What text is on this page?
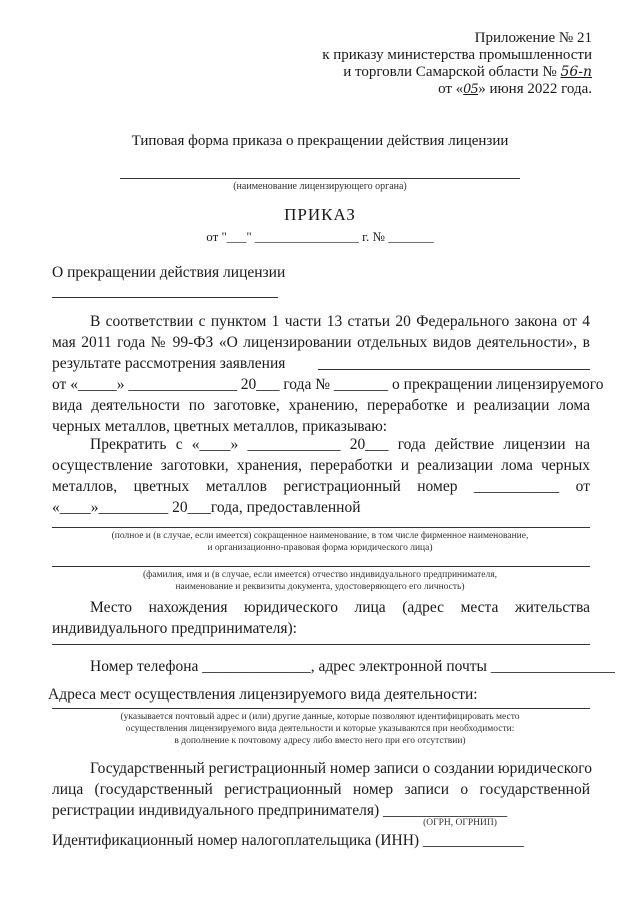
Приложение № 21
к приказу министерства промышленности
и торговли Самарской области № 56-п
от «05» июня 2022 года.
Типовая форма приказа о прекращении действия лицензии
(наименование лицензирующего органа)
ПРИКАЗ
от "___" ________________ г. № _______
О прекращении действия лицензии
В соответствии с пунктом 1 части 13 статьи 20 Федерального закона от 4
мая 2011 года № 99-ФЗ «О лицензировании отдельных видов деятельности», в
результате рассмотрения заявления
от «_____» ______________ 20___ года № _______ о прекращении лицензируемого
вида деятельности по заготовке, хранению, переработке и реализации лома
черных металлов, цветных металлов, приказываю:
Прекратить с «____» ____________ 20___ года действие лицензии на
осуществление заготовки, хранения, переработки и реализации лома черных
металлов, цветных металлов регистрационный номер ___________ от
«____»_________ 20___года, предоставленной
(полное и (в случае, если имеется) сокращенное наименование, в том числе фирменное наименование,
и организационно-правовая форма юридического лица)
(фамилия, имя и (в случае, если имеется) отчество индивидуального предпринимателя,
наименование и реквизиты документа, удостоверяющего его личность)
Место нахождения юридического лица (адрес места жительства
индивидуального предпринимателя):
Номер телефона ______________, адрес электронной почты ________________
Адреса мест осуществления лицензируемого вида деятельности:
(указывается почтовый адрес и (или) другие данные, которые позволяют идентифицировать место
осуществления лицензируемого вида деятельности и которые указываются при необходимости:
в дополнение к почтовому адресу либо вместо него при его отсутствии)
Государственный регистрационный номер записи о создании юридического
лица (государственный регистрационный номер записи о государственной
регистрации индивидуального предпринимателя) ________________
(ОГРН, ОГРНИП)
Идентификационный номер налогоплательщика (ИНН) _____________
